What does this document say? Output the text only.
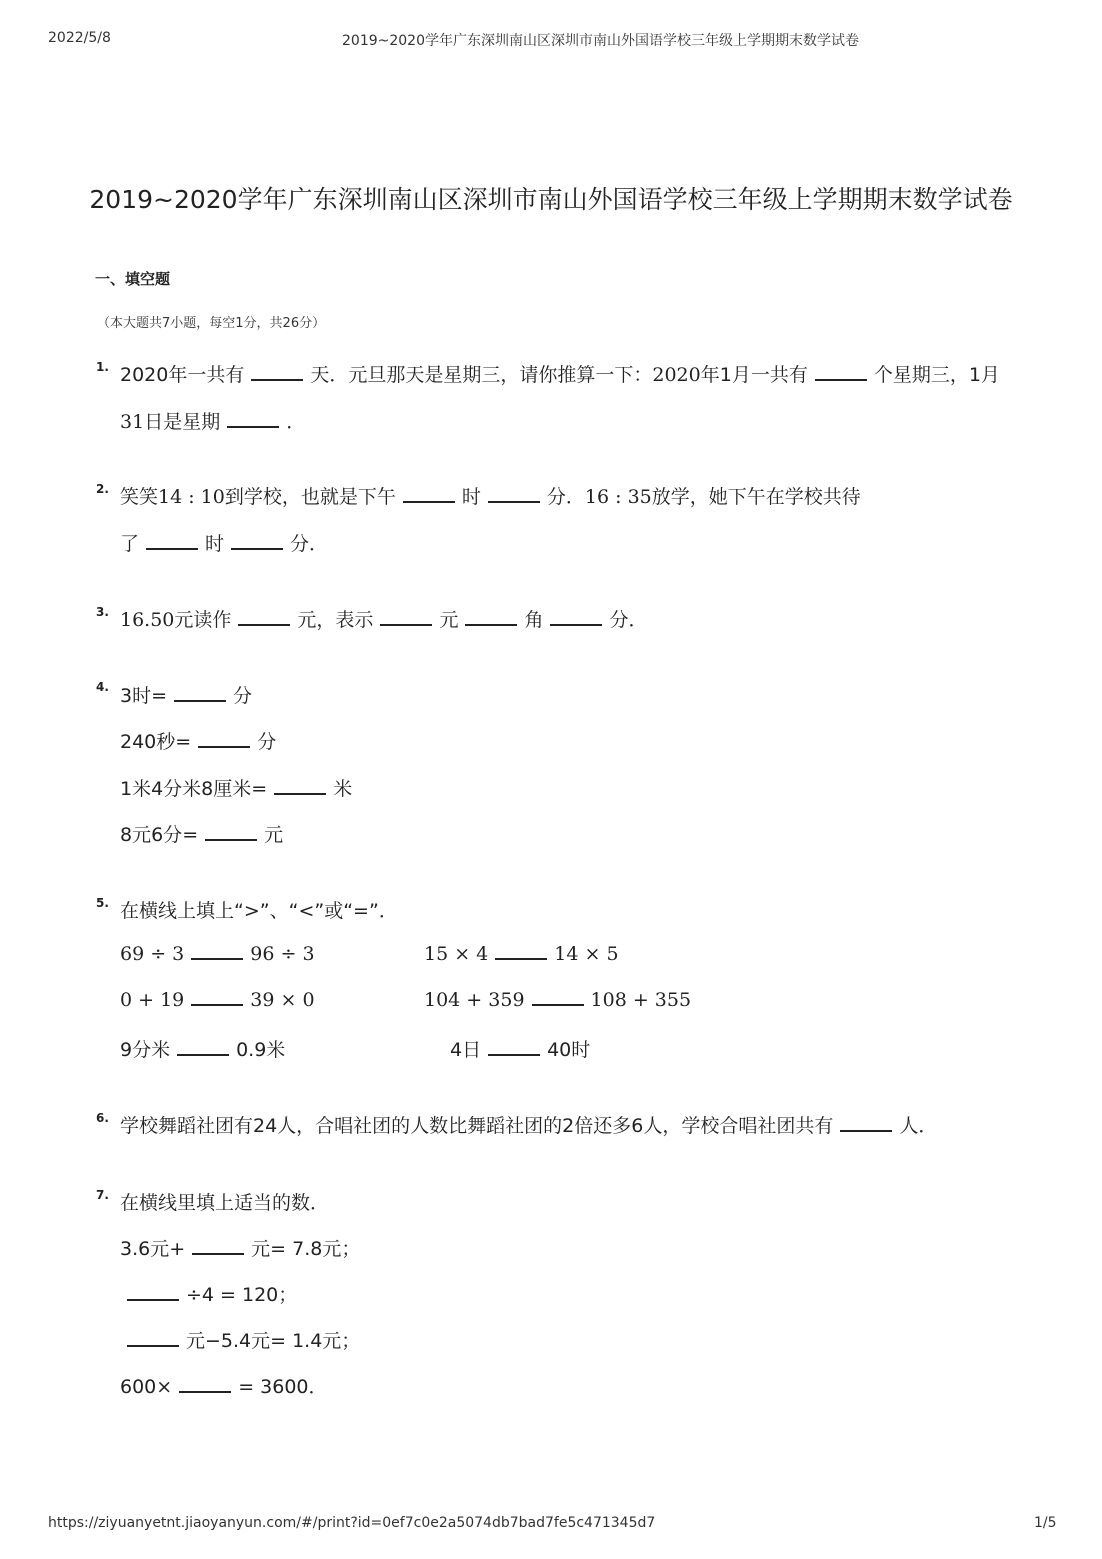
2022/5/8	2019~2020学年广东深圳南山区深圳市南山外国语学校三年级上学期期末数学试卷
2019~2020学年广东深圳南山区深圳市南山外国语学校三年级上学期期末数学试卷
一、填空题
（本大题共7小题，每空1分，共26分）
1. 2020年一共有	天．元旦那天是星期三，请你推算一下：2020年1月一共有	个星期三，1月
31日是星期	．
2. 笑笑14 : 10到学校，也就是下午	时	分．16 : 35放学，她下午在学校共待
了	时	分．
3. 16.50元读作	元，表示	元	角	分．
4. 3时=	分
240秒=	分
1米4分米8厘米=	米
8元6分=	元
5. 在横线上填上“>”、“<”或“=”．
69 ÷ 3	96 ÷ 3	15 × 4	14 × 5
0 + 19	39 × 0	104 + 359	108 + 355
9分米	0.9米	4日	40时
6. 学校舞蹈社团有24人，合唱社团的人数比舞蹈社团的2倍还多6人，学校合唱社团共有	人．
7. 在横线里填上适当的数．
3.6元+	元= 7.8元；
÷4 = 120；
元−5.4元= 1.4元；
600×	= 3600．
https://ziyuanyetnt.jiaoyanyun.com/#/print?id=0ef7c0e2a5074db7bad7fe5c471345d7	1/5
